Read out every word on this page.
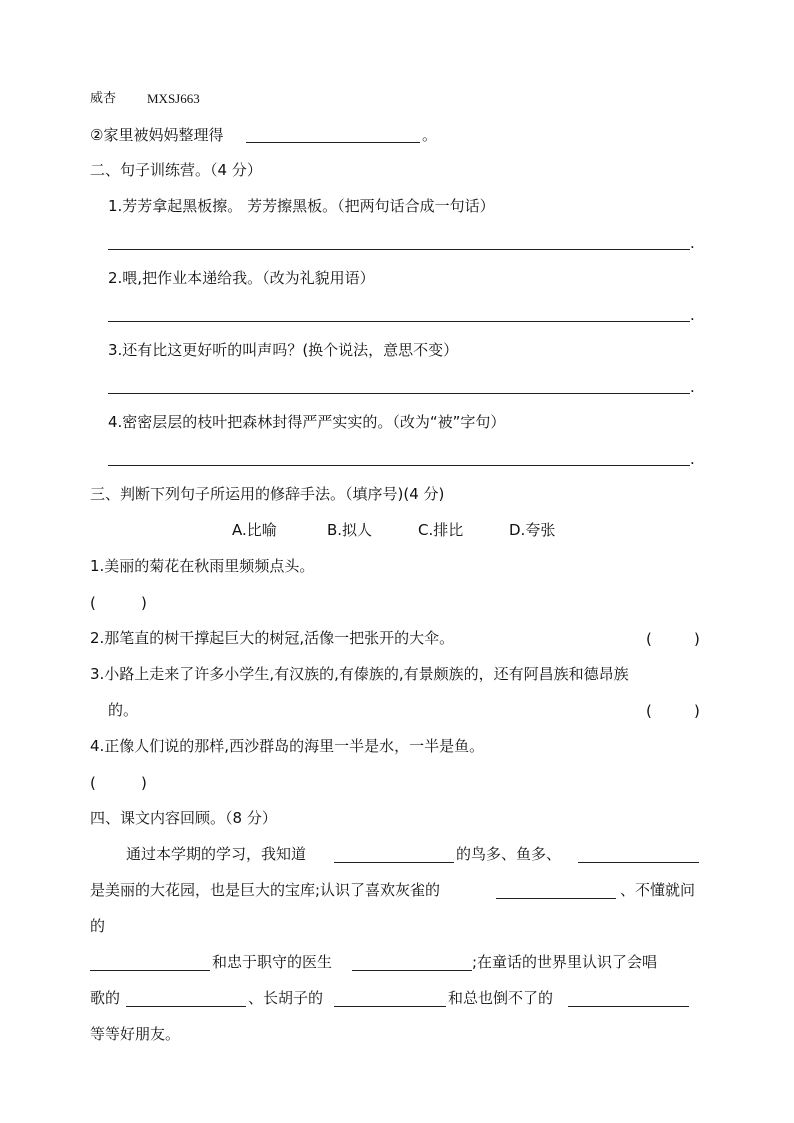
威杏 MXSJ663
②家里被妈妈整理得	。
二、句子训练营。（4 分）
1.芳芳拿起黑板擦。 芳芳擦黑板。（把两句话合成一句话）
.
2.喂,把作业本递给我。（改为礼貌用语）
.
3.还有比这更好听的叫声吗？(换个说法，意思不变）
.
4.密密层层的枝叶把森林封得严严实实的。（改为“被”字句）
.
三、判断下列句子所运用的修辞手法。（填序号)(4 分)
A.比喻	B.拟人	C.排比	D.夸张
1.美丽的菊花在秋雨里频频点头。
(	)
2.那笔直的树干撑起巨大的树冠,活像一把张开的大伞。	(	)
3.小路上走来了许多小学生,有汉族的,有傣族的,有景颇族的，还有阿昌族和德昂族
的。	(	)
4.正像人们说的那样,西沙群岛的海里一半是水，一半是鱼。
(	)
四、课文内容回顾。（8 分）
通过本学期的学习，我知道	的鸟多、鱼多、
是美丽的大花园，也是巨大的宝库;认识了喜欢灰雀的	、不懂就问
的
和忠于职守的医生	;在童话的世界里认识了会唱
歌的	、长胡子的	和总也倒不了的
等等好朋友。
